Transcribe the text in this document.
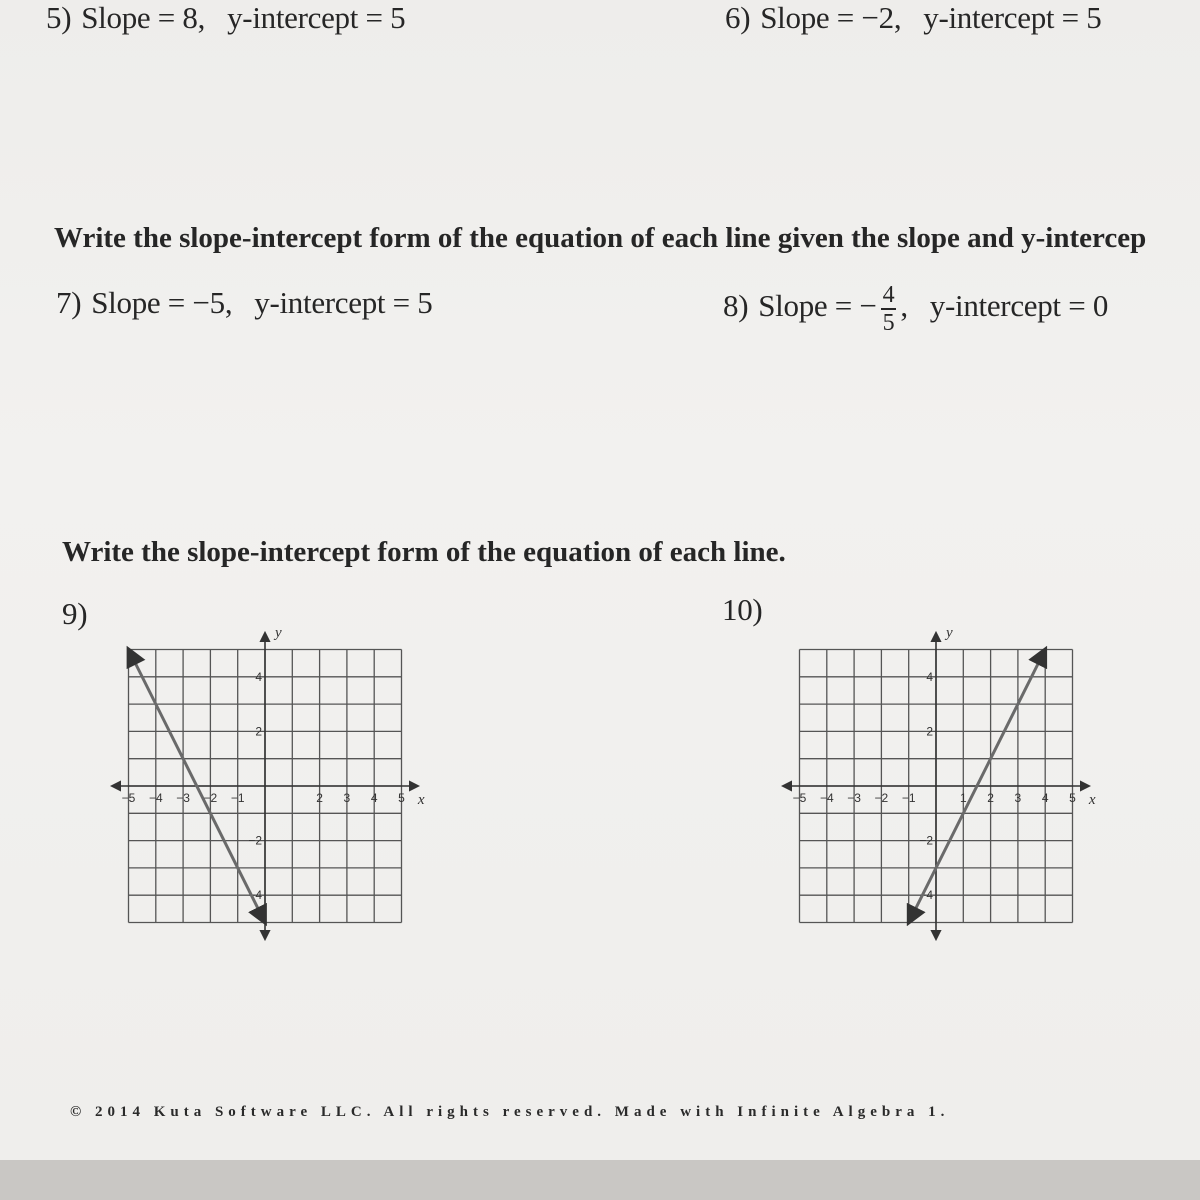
5) Slope = 8, y-intercept = 5	6) Slope = −2, y-intercept = 5
Write the slope-intercept form of the equation of each line given the slope and y-intercep
7) Slope = −5, y-intercept = 5	8) Slope = − $\frac{4}{5}$ , y-intercept = 0
Write the slope-intercept form of the equation of each line.
9)	10)
x
y
−5 −4 −3 −2 −1	2 3 4 5
4
2
−2
−4
x
y
−5 −4 −3 −2 −1	1 2 3 4 5
4
2
−2
−4
© 2014 Kuta Software LLC. All rights reserved. Made with Infinite Algebra 1.
